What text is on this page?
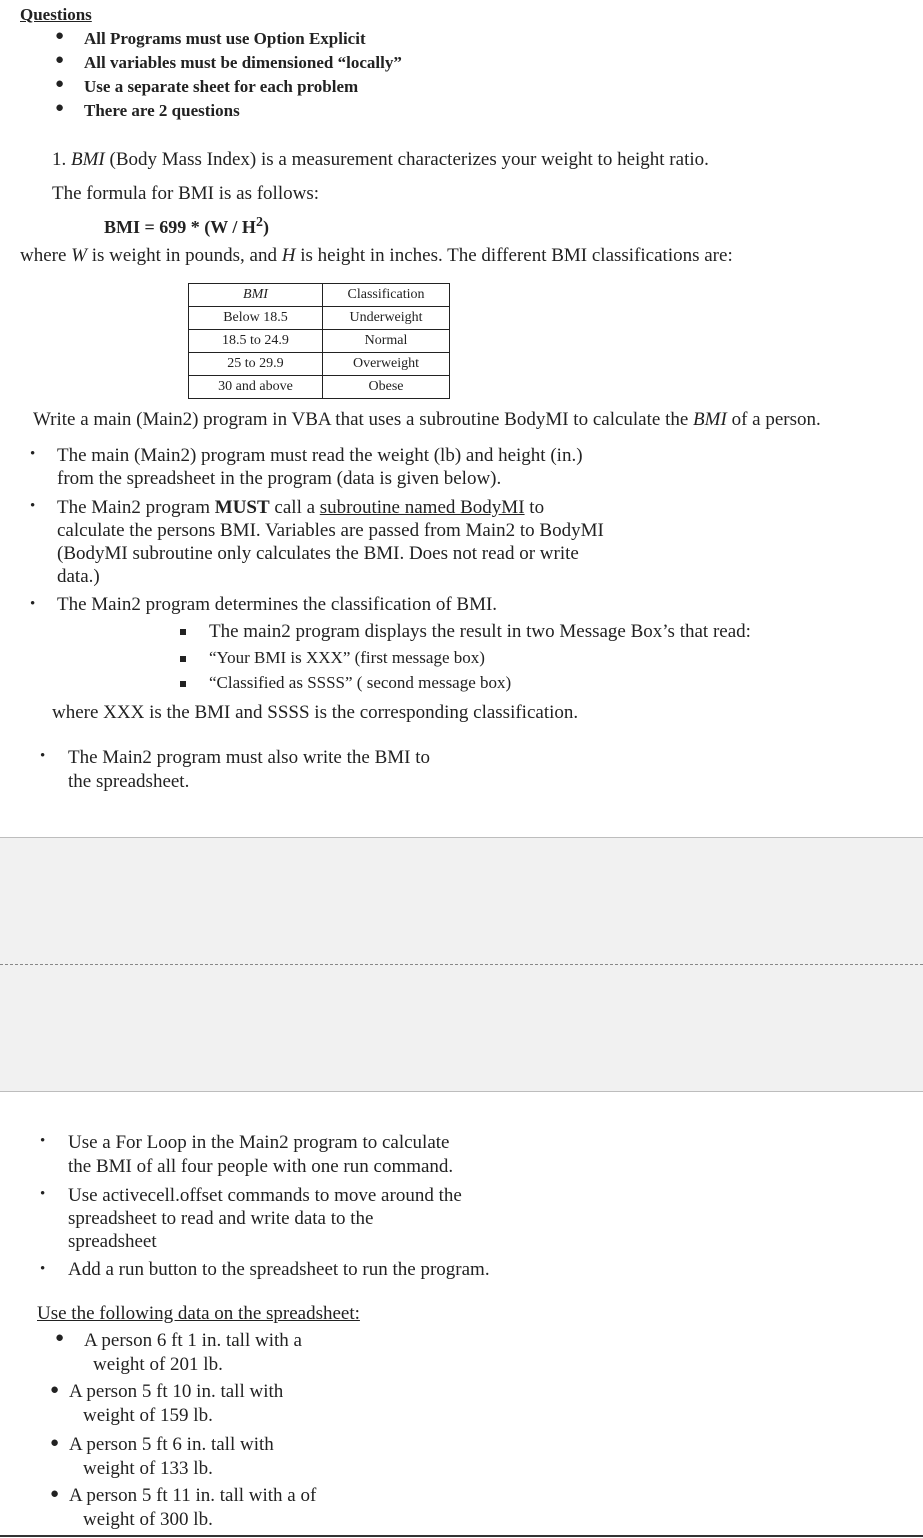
Questions
● All Programs must use Option Explicit
● All variables must be dimensioned “locally”
● Use a separate sheet for each problem
● There are 2 questions
1. BMI (Body Mass Index) is a measurement characterizes your weight to height ratio.
The formula for BMI is as follows:
BMI = $699 * (W / H^2)$
where W is weight in pounds, and H is height in inches. The different BMI classifications are:
BMI	Classification
Below 18.5	Underweight
18.5 to 24.9	Normal
25 to 29.9	Overweight
30 and above	Obese
Write a main (Main2) program in VBA that uses a subroutine BodyMI to calculate the BMI of a person.
• The main (Main2) program must read the weight (lb) and height (in.)
from the spreadsheet in the program (data is given below).
• The Main2 program MUST call a subroutine named BodyMI to
calculate the persons BMI. Variables are passed from Main2 to BodyMI
(BodyMI subroutine only calculates the BMI. Does not read or write
data.)
• The Main2 program determines the classification of BMI.
The main2 program displays the result in two Message Box’s that read:
“Your BMI is XXX” (first message box)
“Classified as SSSS” ( second message box)
where XXX is the BMI and SSSS is the corresponding classification.
• The Main2 program must also write the BMI to
the spreadsheet.
• Use a For Loop in the Main2 program to calculate
the BMI of all four people with one run command.
• Use activecell.offset commands to move around the
spreadsheet to read and write data to the
spreadsheet
• Add a run button to the spreadsheet to run the program.
Use the following data on the spreadsheet:
● A person 6 ft 1 in. tall with a
weight of 201 lb.
● A person 5 ft 10 in. tall with
weight of 159 lb.
● A person 5 ft 6 in. tall with
weight of 133 lb.
● A person 5 ft 11 in. tall with a of
weight of 300 lb.
